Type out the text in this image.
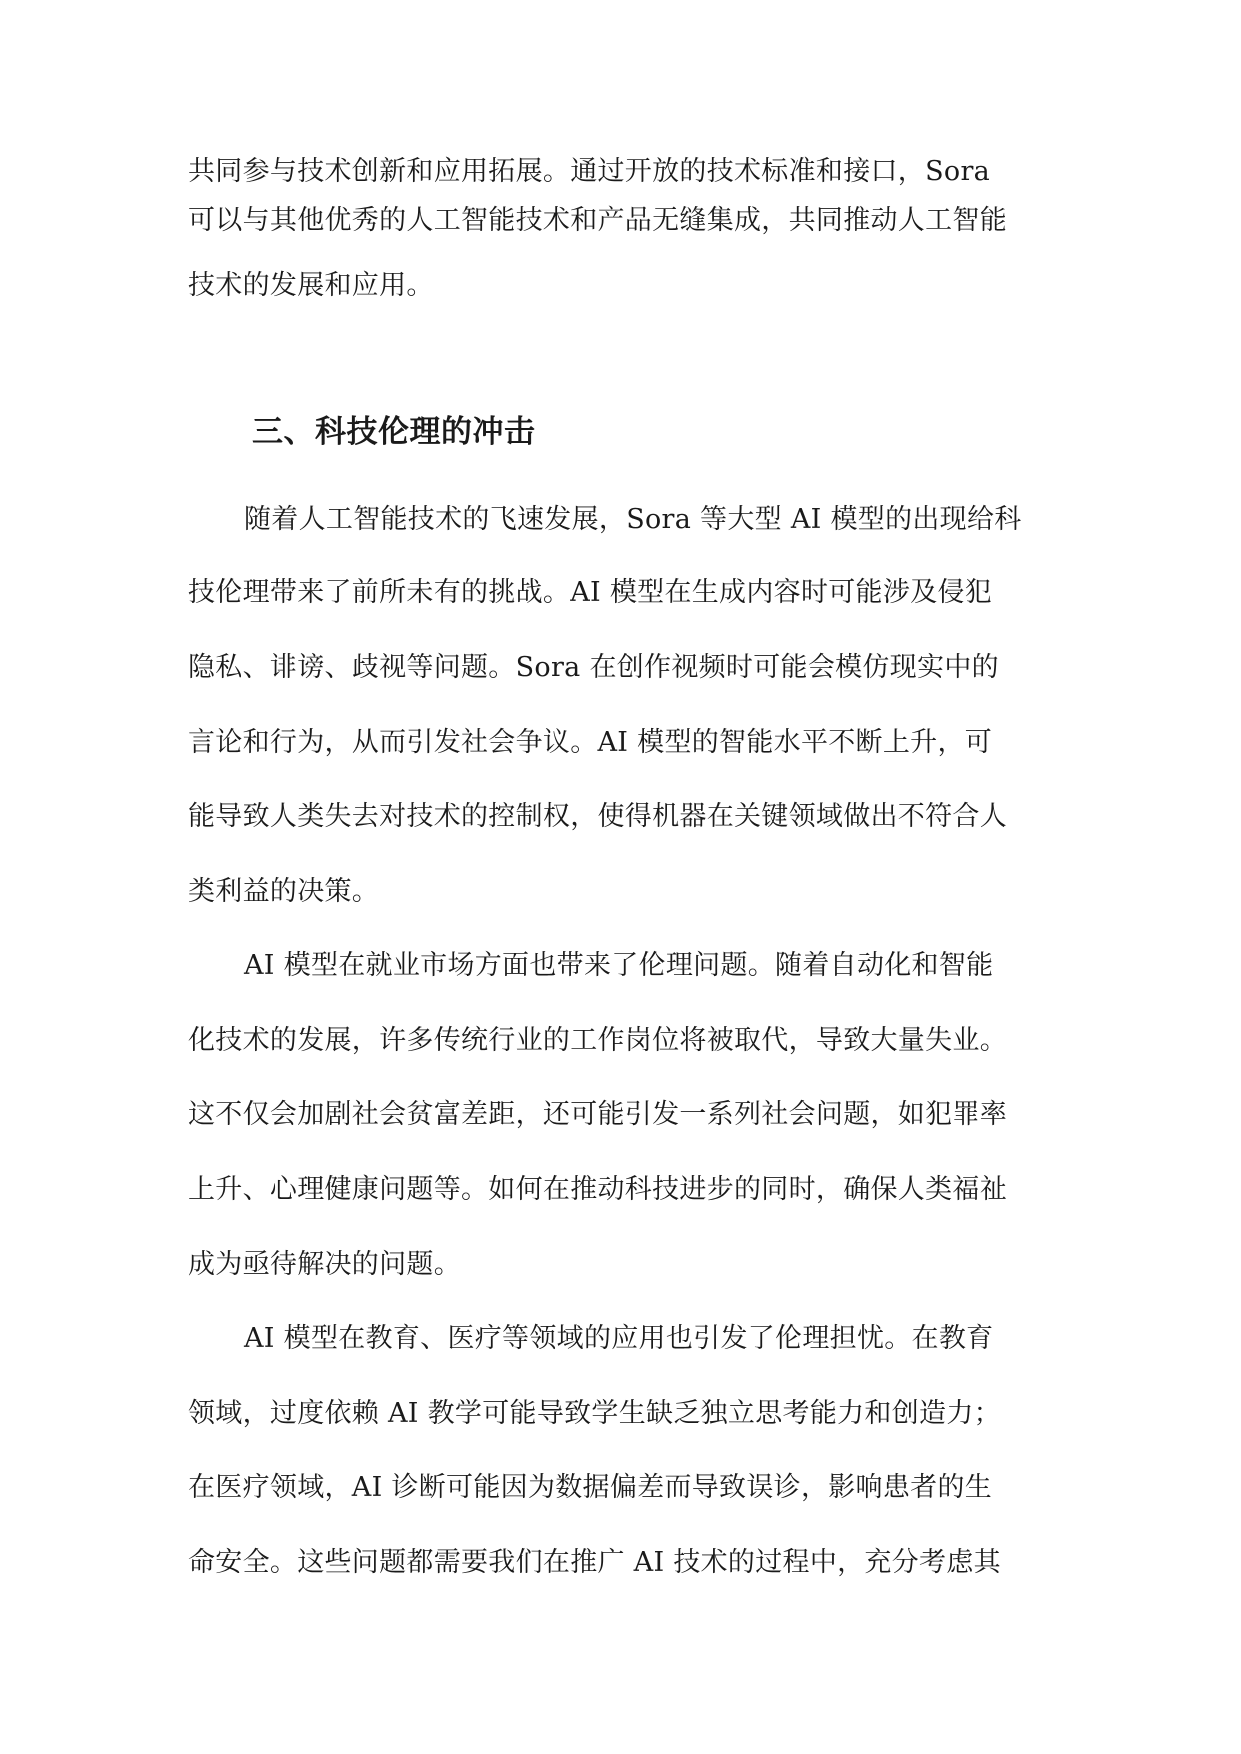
共同参与技术创新和应用拓展。通过开放的技术标准和接口，Sora
可以与其他优秀的人工智能技术和产品无缝集成，共同推动人工智能
技术的发展和应用。
三、科技伦理的冲击
随着人工智能技术的飞速发展，Sora 等大型 AI 模型的出现给科
技伦理带来了前所未有的挑战。AI 模型在生成内容时可能涉及侵犯
隐私、诽谤、歧视等问题。Sora 在创作视频时可能会模仿现实中的
言论和行为，从而引发社会争议。AI 模型的智能水平不断上升，可
能导致人类失去对技术的控制权，使得机器在关键领域做出不符合人
类利益的决策。
AI 模型在就业市场方面也带来了伦理问题。随着自动化和智能
化技术的发展，许多传统行业的工作岗位将被取代，导致大量失业。
这不仅会加剧社会贫富差距，还可能引发一系列社会问题，如犯罪率
上升、心理健康问题等。如何在推动科技进步的同时，确保人类福祉
成为亟待解决的问题。
AI 模型在教育、医疗等领域的应用也引发了伦理担忧。在教育
领域，过度依赖 AI 教学可能导致学生缺乏独立思考能力和创造力；
在医疗领域，AI 诊断可能因为数据偏差而导致误诊，影响患者的生
命安全。这些问题都需要我们在推广 AI 技术的过程中，充分考虑其
